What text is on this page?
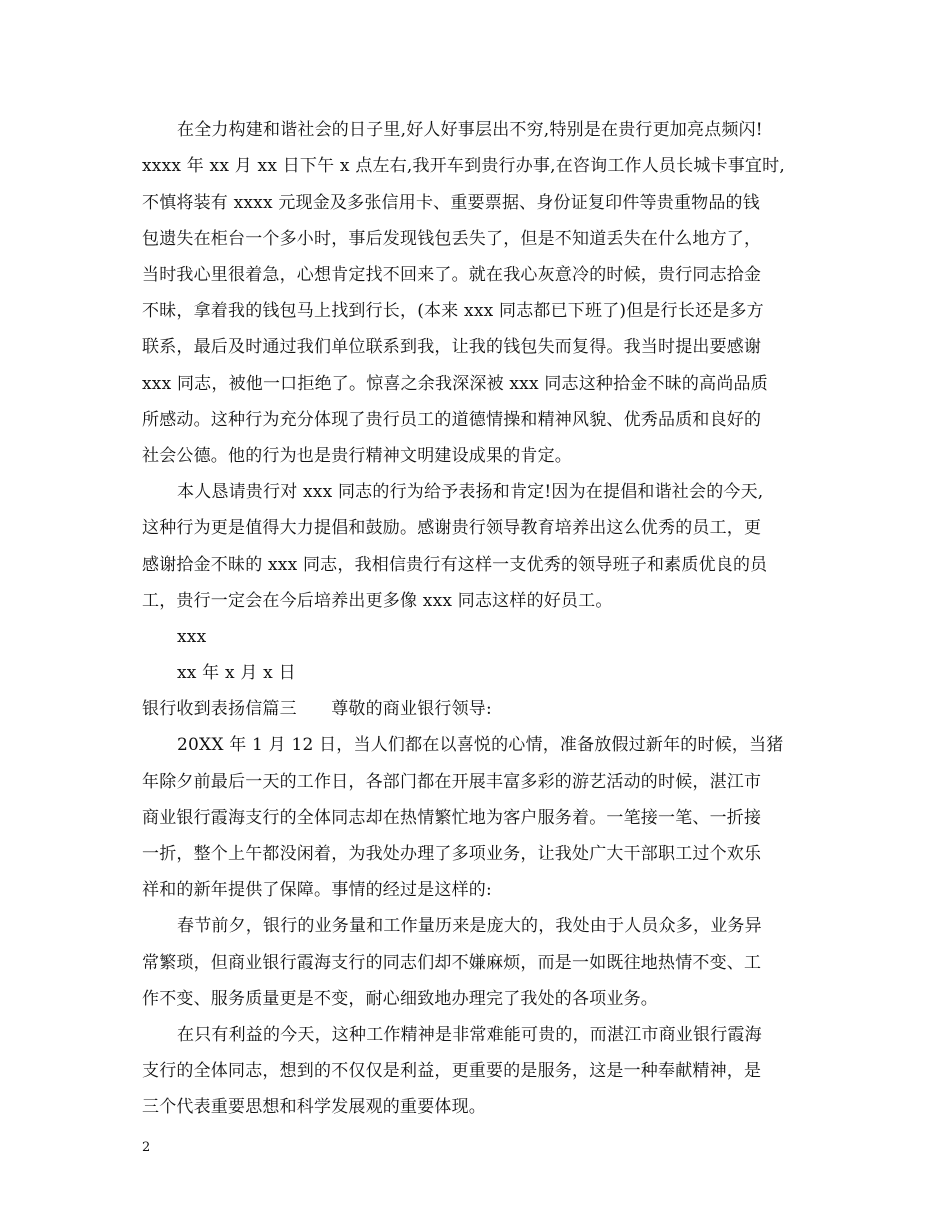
在全力构建和谐社会的日子里,好人好事层出不穷,特别是在贵行更加亮点频闪!
xxxx 年 xx 月 xx 日下午 x 点左右,我开车到贵行办事,在咨询工作人员长城卡事宜时,
不慎将装有 xxxx 元现金及多张信用卡、重要票据、身份证复印件等贵重物品的钱
包遗失在柜台一个多小时，事后发现钱包丢失了，但是不知道丢失在什么地方了，
当时我心里很着急，心想肯定找不回来了。就在我心灰意冷的时候，贵行同志拾金
不昧，拿着我的钱包马上找到行长，(本来 xxx 同志都已下班了)但是行长还是多方
联系，最后及时通过我们单位联系到我，让我的钱包失而复得。我当时提出要感谢
xxx 同志，被他一口拒绝了。惊喜之余我深深被 xxx 同志这种拾金不昧的高尚品质
所感动。这种行为充分体现了贵行员工的道德情操和精神风貌、优秀品质和良好的
社会公德。他的行为也是贵行精神文明建设成果的肯定。
本人恳请贵行对 xxx 同志的行为给予表扬和肯定!因为在提倡和谐社会的今天,
这种行为更是值得大力提倡和鼓励。感谢贵行领导教育培养出这么优秀的员工，更
感谢拾金不昧的 xxx 同志，我相信贵行有这样一支优秀的领导班子和素质优良的员
工，贵行一定会在今后培养出更多像 xxx 同志这样的好员工。
xxx
xx 年 x 月 x 日
银行收到表扬信篇三　　尊敬的商业银行领导:
20XX 年 1 月 12 日，当人们都在以喜悦的心情，准备放假过新年的时候，当猪
年除夕前最后一天的工作日，各部门都在开展丰富多彩的游艺活动的时候，湛江市
商业银行霞海支行的全体同志却在热情繁忙地为客户服务着。一笔接一笔、一折接
一折，整个上午都没闲着，为我处办理了多项业务，让我处广大干部职工过个欢乐
祥和的新年提供了保障。事情的经过是这样的:
春节前夕，银行的业务量和工作量历来是庞大的，我处由于人员众多，业务异
常繁琐，但商业银行霞海支行的同志们却不嫌麻烦，而是一如既往地热情不变、工
作不变、服务质量更是不变，耐心细致地办理完了我处的各项业务。
在只有利益的今天，这种工作精神是非常难能可贵的，而湛江市商业银行霞海
支行的全体同志，想到的不仅仅是利益，更重要的是服务，这是一种奉献精神，是
三个代表重要思想和科学发展观的重要体现。
2
